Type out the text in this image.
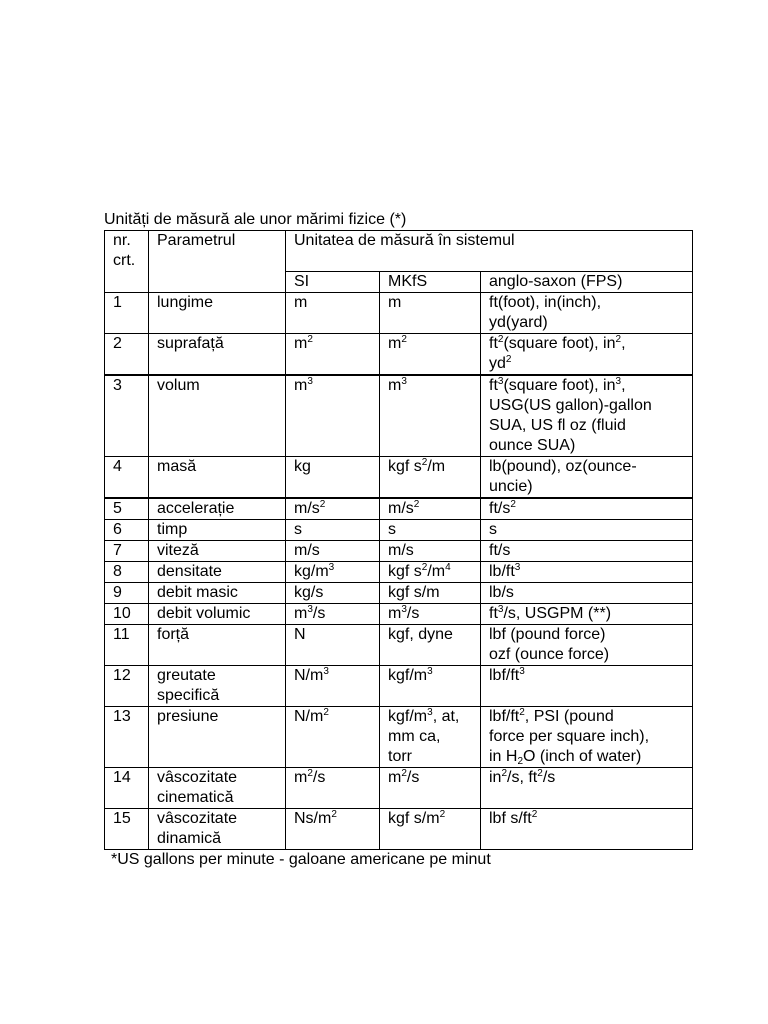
Unități de măsură ale unor mărimi fizice (*)
nr.
crt.	Parametrul	Unitatea de măsură în sistemul		
		SI	MKfS	anglo-saxon (FPS)
1	lungime	m	m	ft(foot), in(inch),
yd(yard)
2	suprafață	$m^2$	$m^2$	$ft^2(square$ foot), $in^2$,
$yd^2$
3	volum	$m^3$	$m^3$	$ft^3(square$ foot), $in^3$,
USG(US gallon)-gallon
SUA, US fl oz (fluid
ounce SUA)
4	masă	kg	kgf $s^2/m$	lb(pound), oz(ounce-
uncie)
5	accelerație	$m/s^2$	$m/s^2$	$ft/s^2$
6	timp	s	s	s
7	viteză	m/s	m/s	ft/s
8	densitate	$kg/m^3$	kgf $s^2/m^4$	$lb/ft^3$
9	debit masic	kg/s	kgf s/m	lb/s
10	debit volumic	$m^3/s$	$m^3/s$	$ft^3/s$, USGPM (**)
11	forță	N	kgf, dyne	lbf (pound force)
ozf (ounce force)
12	greutate specifică	$N/m^3$	kgf/$m^3$	lbf/$ft^3$
13	presiune	$N/m^2$	kgf/$m^3$, at,
mm ca,
torr	lbf/$ft^2$, PSI (pound
force per square inch),
in $H_2O$ (inch of water)
14	vâscozitate cinematică	$m^2/s$	$m^2/s$	$in^2/s$, $ft^2/s$
15	vâscozitate dinamică	$Ns/m^2$	kgf $s/m^2$	lbf $s/ft^2$
*US gallons per minute - galoane americane pe minut
